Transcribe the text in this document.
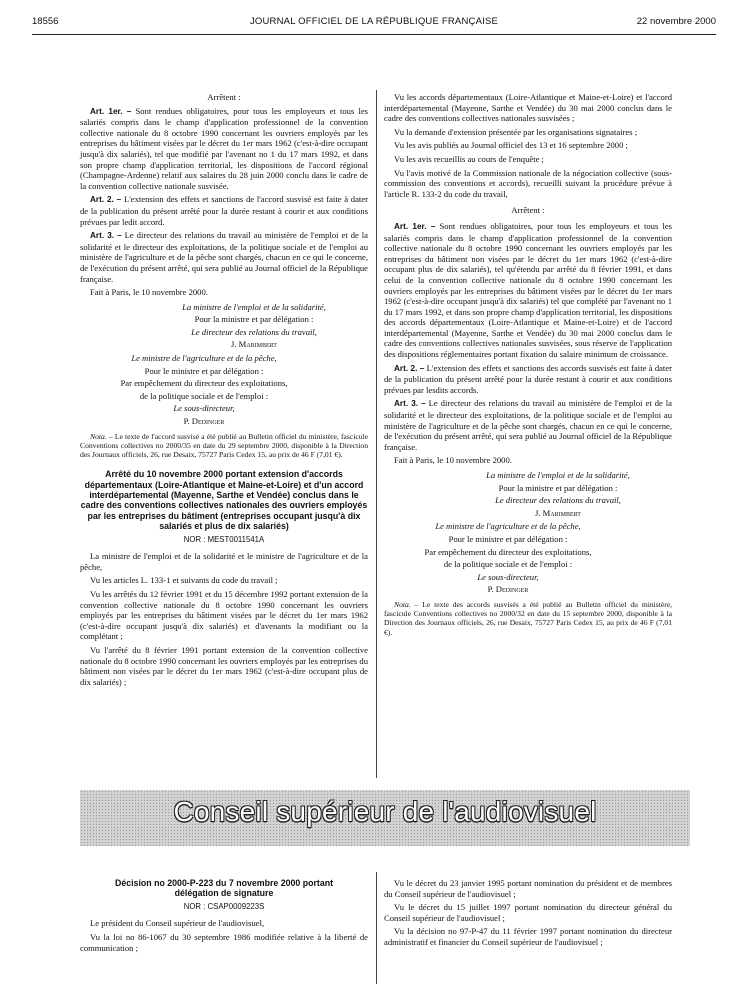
18556	JOURNAL OFFICIEL DE LA RÉPUBLIQUE FRANÇAISE	22 novembre 2000

Arrêtent :

Art. 1er. – Sont rendues obligatoires, pour tous les employeurs et tous les salariés compris dans le champ d'application professionnel de la convention collective nationale du 8 octobre 1990 concernant les ouvriers employés par les entreprises du bâtiment visées par le décret du 1er mars 1962 (c'est-à-dire occupant jusqu'à dix salariés), tel que modifié par l'avenant no 1 du 17 mars 1992, et dans son propre champ d'application territorial, les dispositions de l'accord régional (Champagne-Ardenne) relatif aux salaires du 28 juin 2000 conclu dans le cadre de la convention collective nationale susvisée.

Art. 2. – L'extension des effets et sanctions de l'accord susvisé est faite à dater de la publication du présent arrêté pour la durée restant à courir et aux conditions prévues par ledit accord.

Art. 3. – Le directeur des relations du travail au ministère de l'emploi et de la solidarité et le directeur des exploitations, de la politique sociale et de l'emploi au ministère de l'agriculture et de la pêche sont chargés, chacun en ce qui le concerne, de l'exécution du présent arrêté, qui sera publié au Journal officiel de la République française.

Fait à Paris, le 10 novembre 2000.

La ministre de l'emploi et de la solidarité,

Pour la ministre et par délégation :

Le directeur des relations du travail,

J. Marimbert

Le ministre de l'agriculture et de la pêche,

Pour le ministre et par délégation :

Par empêchement du directeur des exploitations,

de la politique sociale et de l'emploi :

Le sous-directeur,

P. Dedinger

Nota. – Le texte de l'accord susvisé a été publié au Bulletin officiel du ministère, fascicule Conventions collectives no 2000/35 en date du 29 septembre 2000, disponible à la Direction des Journaux officiels, 26, rue Desaix, 75727 Paris Cedex 15, au prix de 46 F (7,01 €).

Arrêté du 10 novembre 2000 portant extension d'accords départementaux (Loire-Atlantique et Maine-et-Loire) et d'un accord interdépartemental (Mayenne, Sarthe et Vendée) conclus dans le cadre des conventions collectives nationales des ouvriers employés par les entreprises du bâtiment (entreprises occupant jusqu'à dix salariés et plus de dix salariés)

NOR : MEST0011541A

La ministre de l'emploi et de la solidarité et le ministre de l'agriculture et de la pêche,

Vu les articles L. 133-1 et suivants du code du travail ;

Vu les arrêtés du 12 février 1991 et du 15 décembre 1992 portant extension de la convention collective nationale du 8 octobre 1990 concernant les ouvriers employés par les entreprises du bâtiment visées par le décret du 1er mars 1962 (c'est-à-dire occupant jusqu'à dix salariés) et d'avenants la modifiant ou la complétant ;

Vu l'arrêté du 8 février 1991 portant extension de la convention collective nationale du 8 octobre 1990 concernant les ouvriers employés par les entreprises du bâtiment non visées par le décret du 1er mars 1962 (c'est-à-dire occupant plus de dix salariés) ;

Vu les accords départementaux (Loire-Atlantique et Maine-et-Loire) et l'accord interdépartemental (Mayenne, Sarthe et Vendée) du 30 mai 2000 conclus dans le cadre des conventions collectives nationales susvisées ;

Vu la demande d'extension présentée par les organisations signataires ;

Vu les avis publiés au Journal officiel des 13 et 16 septembre 2000 ;

Vu les avis recueillis au cours de l'enquête ;

Vu l'avis motivé de la Commission nationale de la négociation collective (sous-commission des conventions et accords), recueilli suivant la procédure prévue à l'article R. 133-2 du code du travail,

Arrêtent :

Art. 1er. – Sont rendues obligatoires, pour tous les employeurs et tous les salariés compris dans le champ d'application professionnel de la convention collective nationale du 8 octobre 1990 concernant les ouvriers employés par les entreprises du bâtiment non visées par le décret du 1er mars 1962 (c'est-à-dire occupant plus de dix salariés), tel qu'étendu par arrêté du 8 février 1991, et dans celui de la convention collective nationale du 8 octobre 1990 concernant les ouvriers employés par les entreprises du bâtiment visées par le décret du 1er mars 1962 (c'est-à-dire occupant jusqu'à dix salariés) tel que complété par l'avenant no 1 du 17 mars 1992, et dans son propre champ d'application territorial, les dispositions des accords départementaux (Loire-Atlantique et Maine-et-Loire) et de l'accord interdépartemental (Mayenne, Sarthe et Vendée) du 30 mai 2000 conclus dans le cadre des conventions collectives nationales susvisées, sous réserve de l'application des dispositions réglementaires portant fixation du salaire minimum de croissance.

Art. 2. – L'extension des effets et sanctions des accords susvisés est faite à dater de la publication du présent arrêté pour la durée restant à courir et aux conditions prévues par lesdits accords.

Art. 3. – Le directeur des relations du travail au ministère de l'emploi et de la solidarité et le directeur des exploitations, de la politique sociale et de l'emploi au ministère de l'agriculture et de la pêche sont chargés, chacun en ce qui le concerne, de l'exécution du présent arrêté, qui sera publié au Journal officiel de la République française.

Fait à Paris, le 10 novembre 2000.

La ministre de l'emploi et de la solidarité,

Pour la ministre et par délégation :

Le directeur des relations du travail,

J. Marimbert

Le ministre de l'agriculture et de la pêche,

Pour le ministre et par délégation :

Par empêchement du directeur des exploitations,

de la politique sociale et de l'emploi :

Le sous-directeur,

P. Dedinger

Nota. – Le texte des accords susvisés a été publié au Bulletin officiel du ministère, fascicule Conventions collectives no 2000/32 en date du 15 septembre 2000, disponible à la Direction des Journaux officiels, 26, rue Desaix, 75727 Paris Cedex 15, au prix de 46 F (7,01 €).

Conseil supérieur de l'audiovisuel

Décision no 2000-P-223 du 7 novembre 2000 portant délégation de signature

NOR : CSAP0009223S

Le président du Conseil supérieur de l'audiovisuel,

Vu la loi no 86-1067 du 30 septembre 1986 modifiée relative à la liberté de communication ;

Vu le décret du 23 janvier 1995 portant nomination du président et de membres du Conseil supérieur de l'audiovisuel ;

Vu le décret du 15 juillet 1997 portant nomination du directeur général du Conseil supérieur de l'audiovisuel ;

Vu la décision no 97-P-47 du 11 février 1997 portant nomination du directeur administratif et financier du Conseil supérieur de l'audiovisuel ;
